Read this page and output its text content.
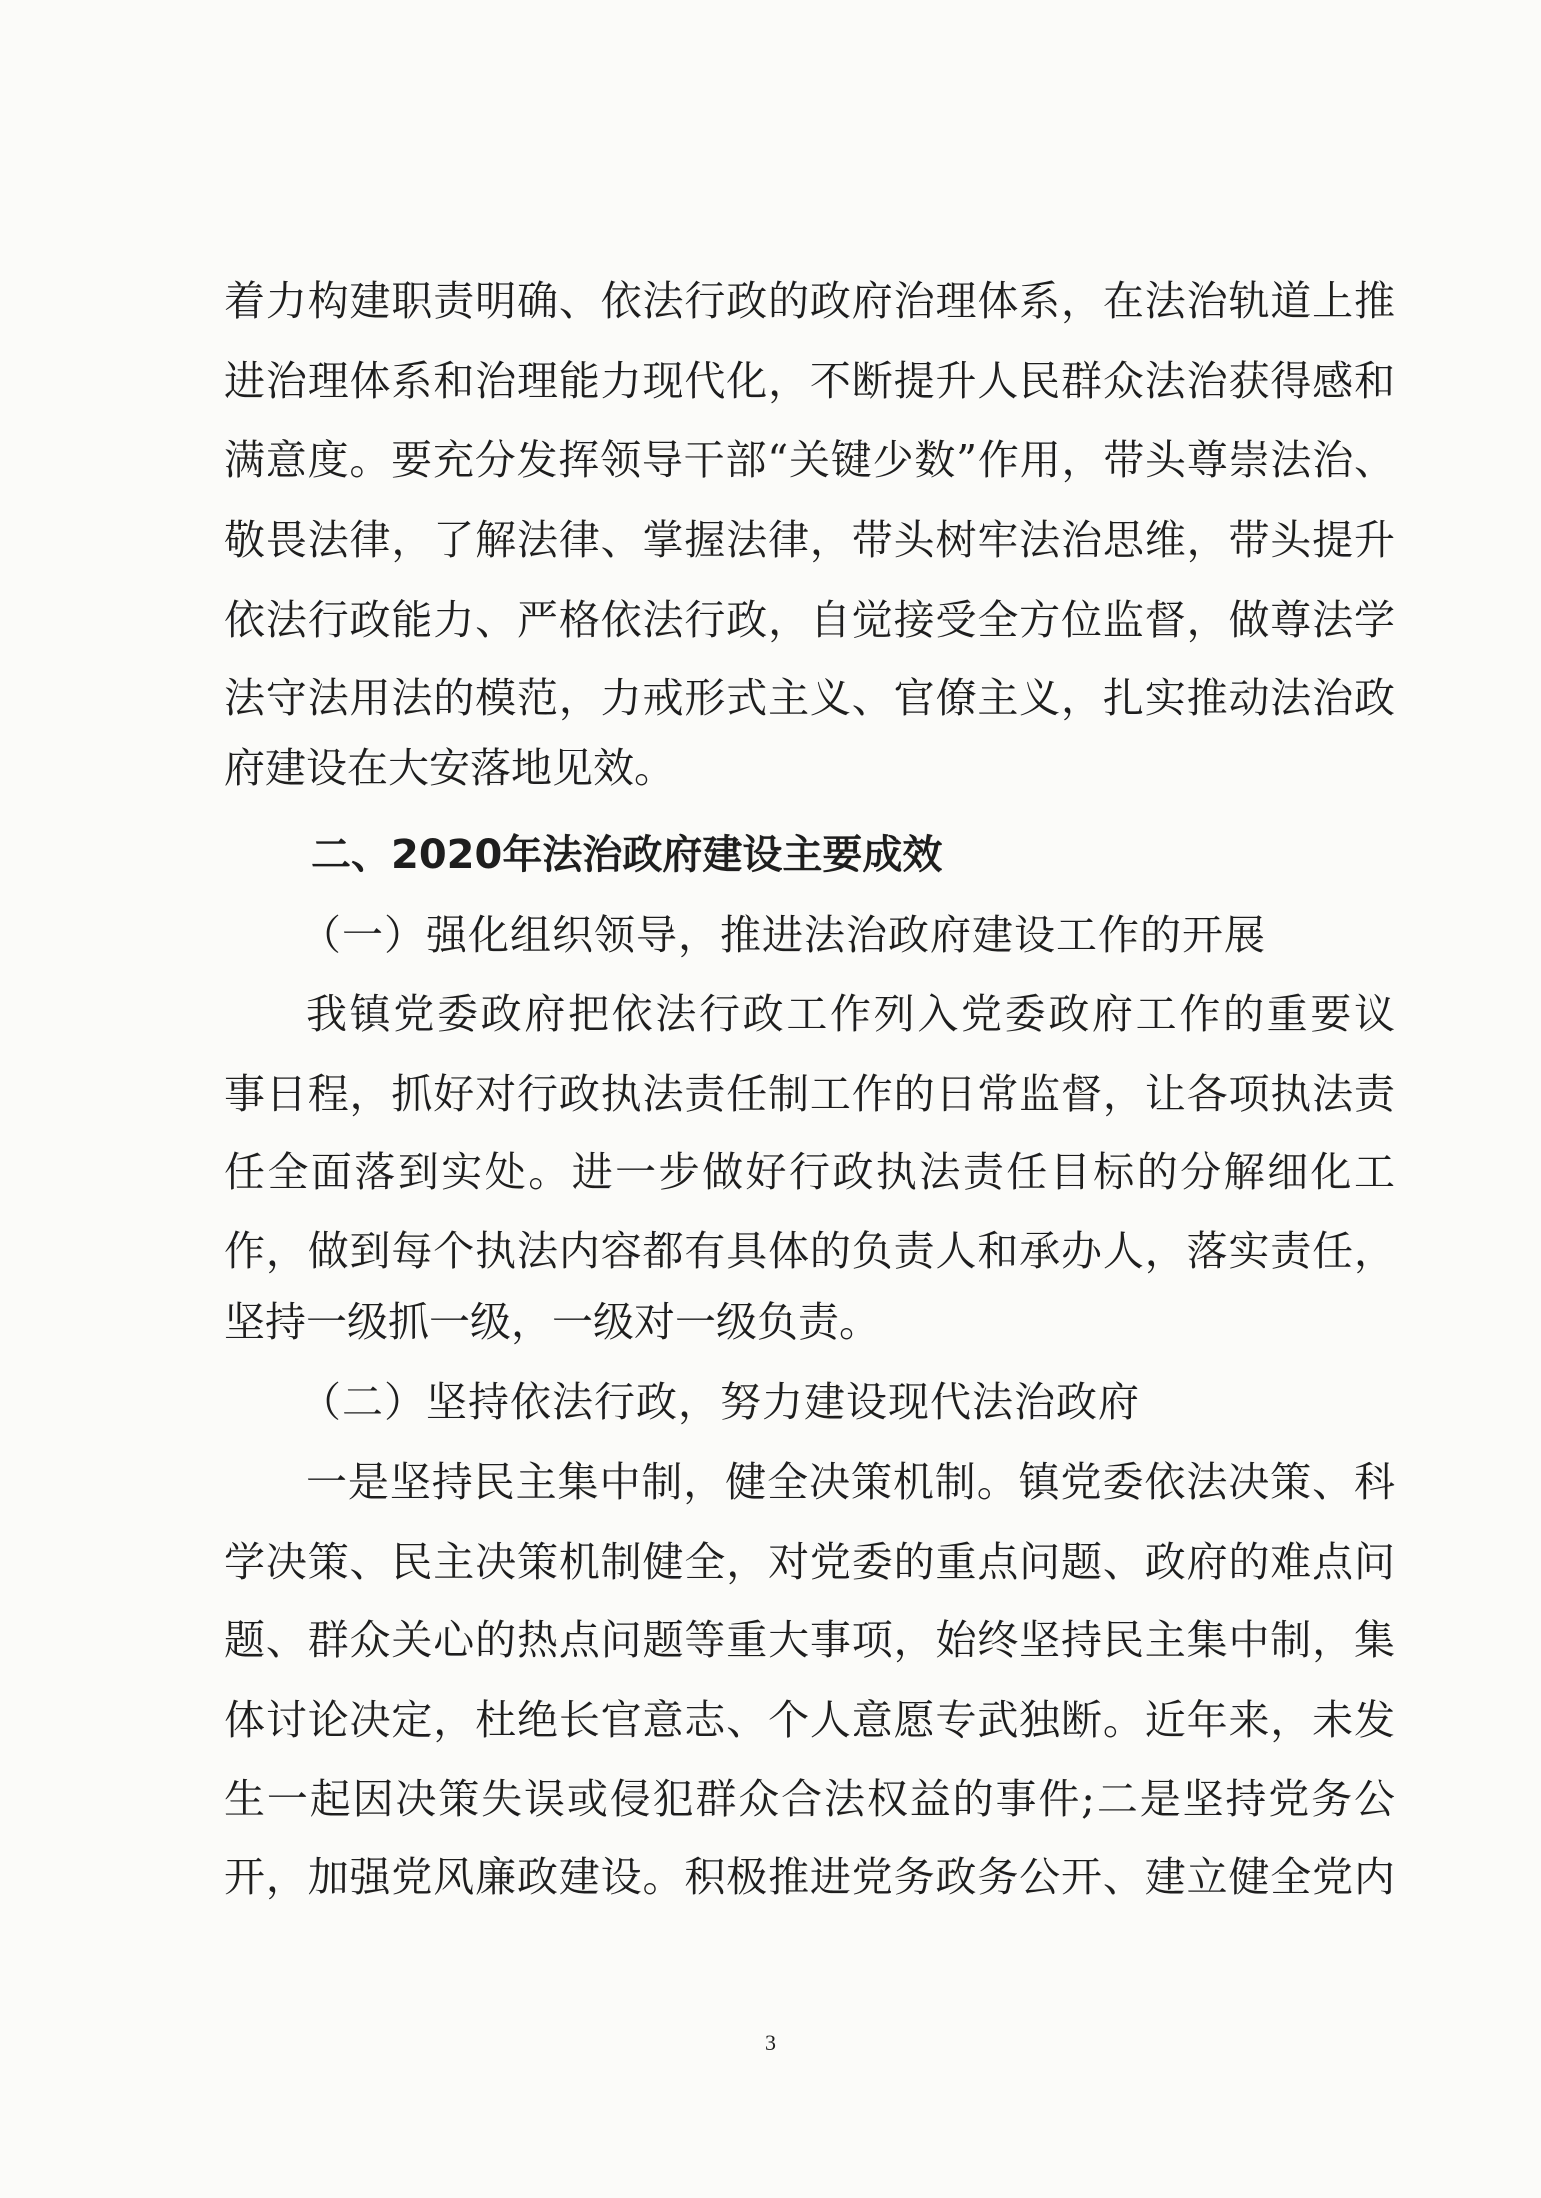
着力构建职责明确、依法行政的政府治理体系，在法治轨道上推
进治理体系和治理能力现代化，不断提升人民群众法治获得感和
满意度。要充分发挥领导干部“关键少数”作用，带头尊崇法治、
敬畏法律，了解法律、掌握法律，带头树牢法治思维，带头提升
依法行政能力、严格依法行政，自觉接受全方位监督，做尊法学
法守法用法的模范，力戒形式主义、官僚主义，扎实推动法治政
府建设在大安落地见效。
二、2020年法治政府建设主要成效
（一）强化组织领导，推进法治政府建设工作的开展
我镇党委政府把依法行政工作列入党委政府工作的重要议
事日程，抓好对行政执法责任制工作的日常监督，让各项执法责
任全面落到实处。进一步做好行政执法责任目标的分解细化工
作，做到每个执法内容都有具体的负责人和承办人，落实责任，
坚持一级抓一级，一级对一级负责。
（二）坚持依法行政，努力建设现代法治政府
一是坚持民主集中制，健全决策机制。镇党委依法决策、科
学决策、民主决策机制健全，对党委的重点问题、政府的难点问
题、群众关心的热点问题等重大事项，始终坚持民主集中制，集
体讨论决定，杜绝长官意志、个人意愿专武独断。近年来，未发
生一起因决策失误或侵犯群众合法权益的事件;二是坚持党务公
开，加强党风廉政建设。积极推进党务政务公开、建立健全党内
3
